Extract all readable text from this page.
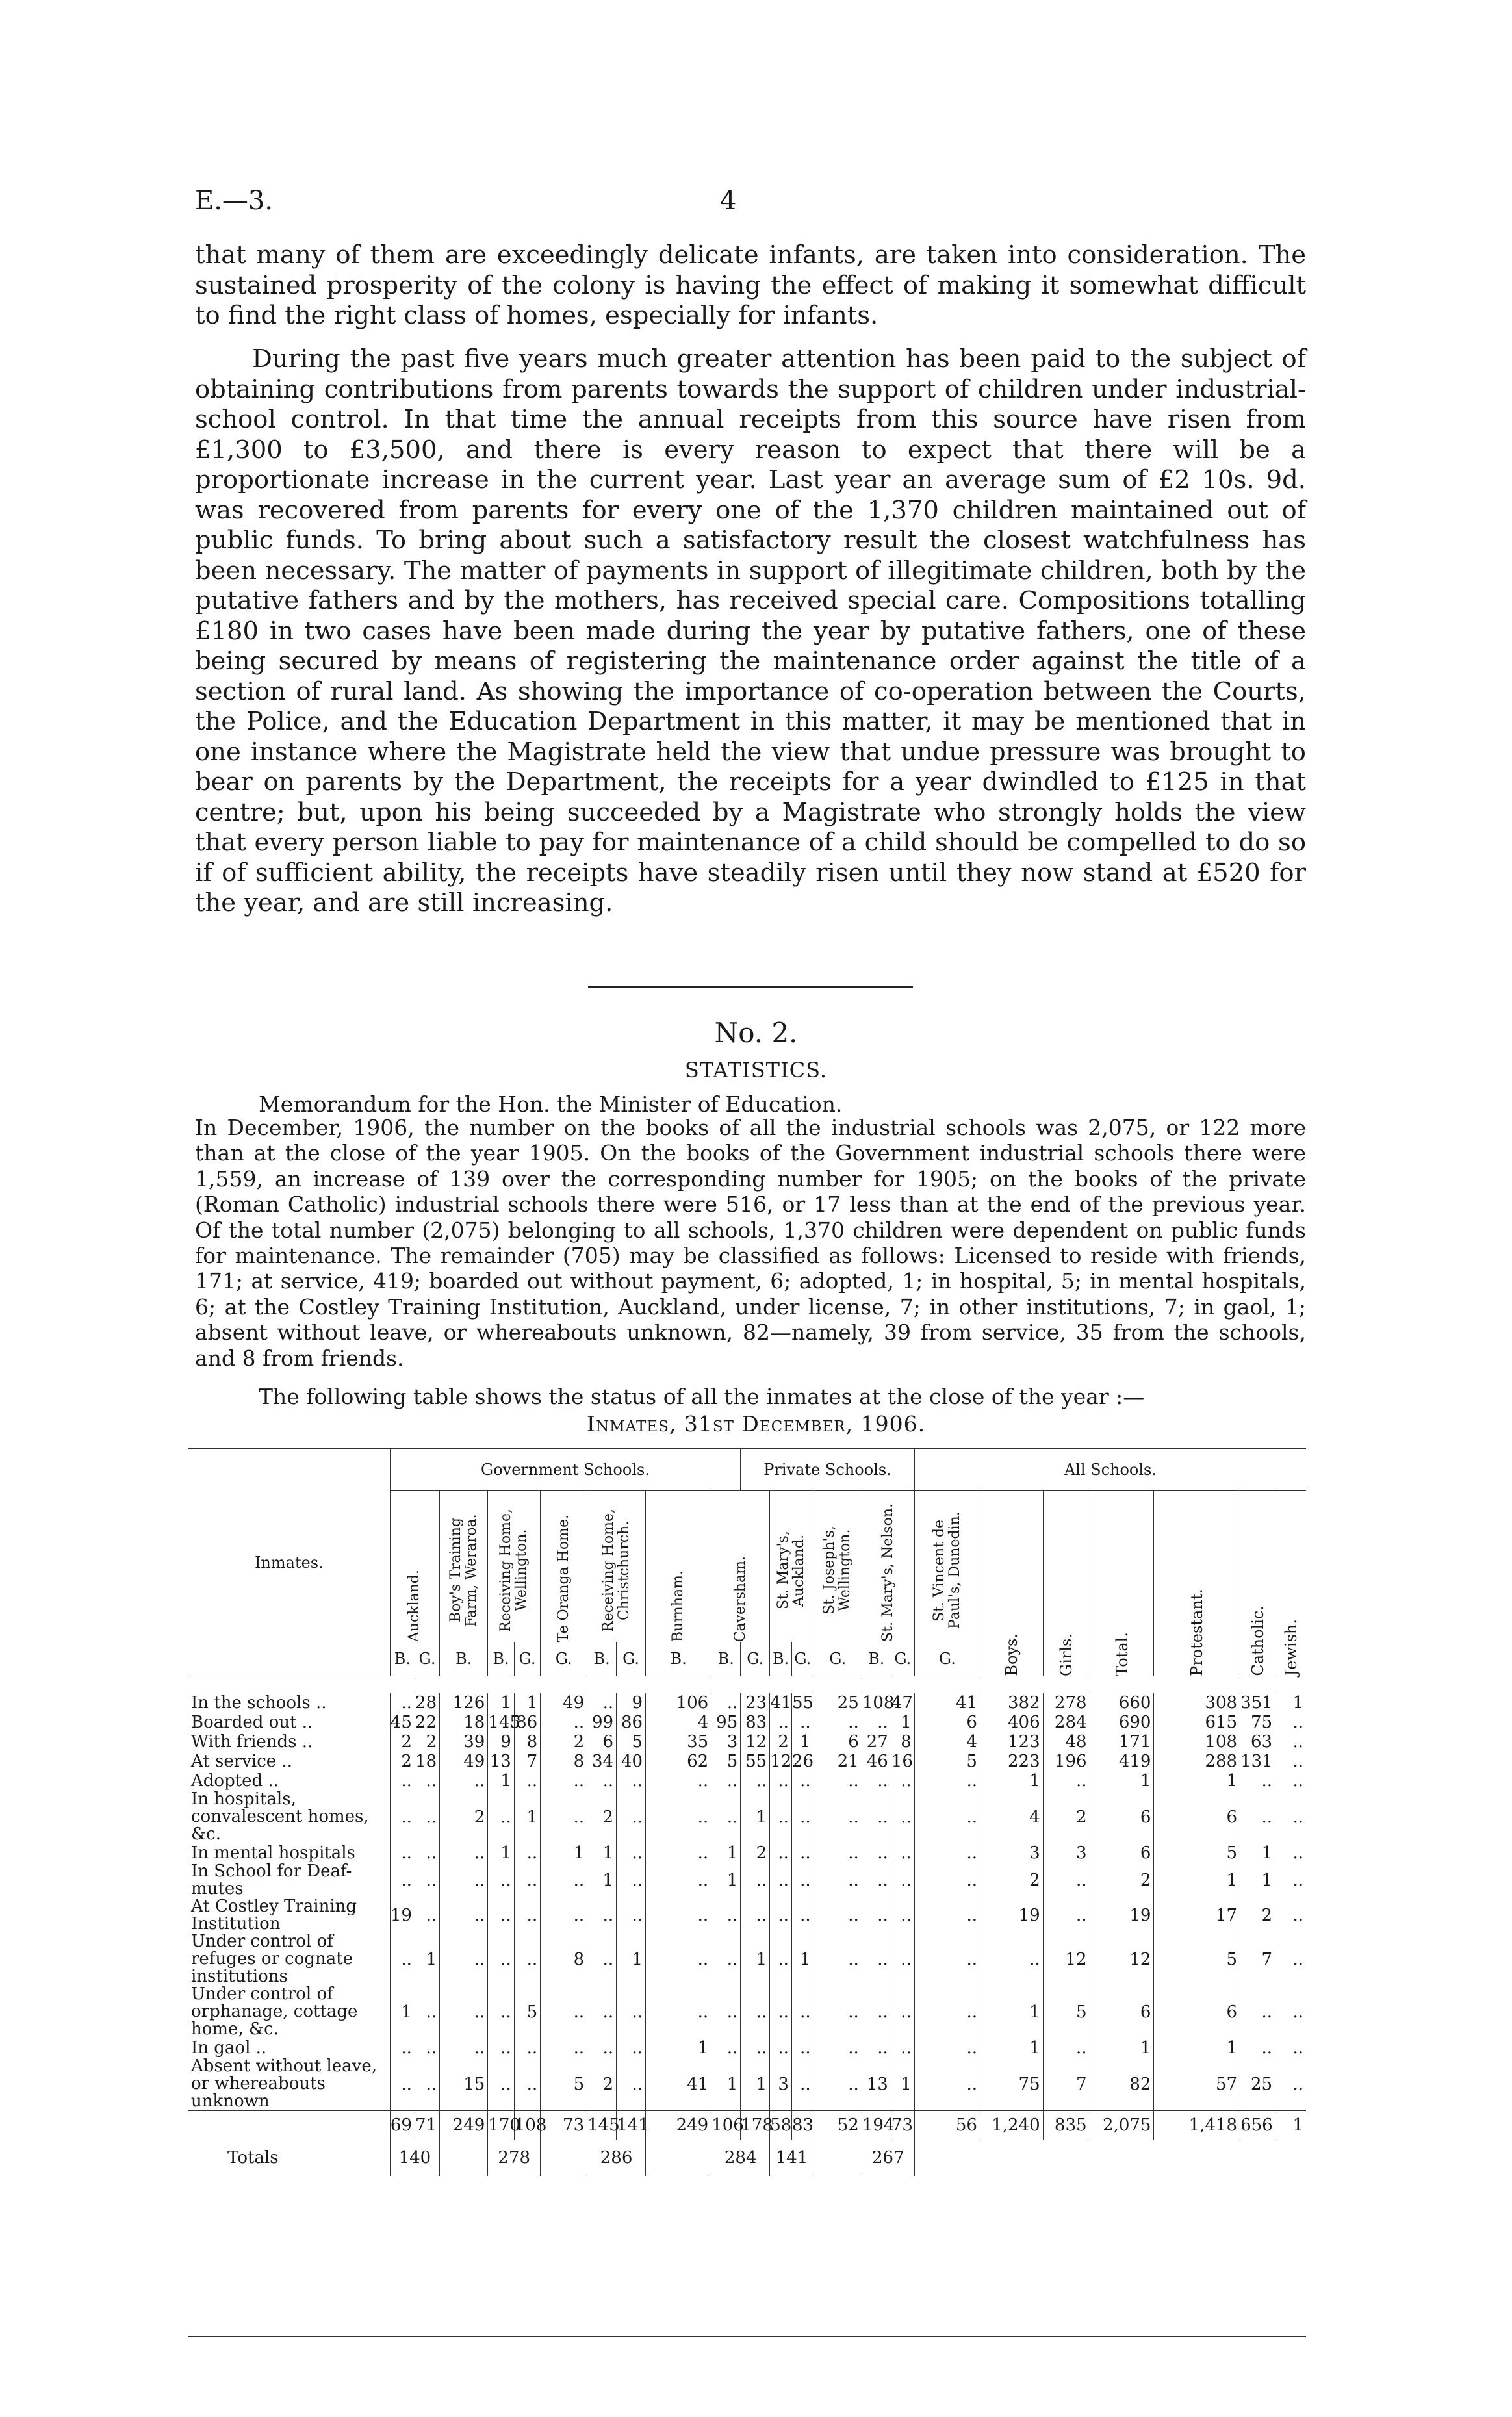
E.—3.	4

that many of them are exceedingly delicate infants, are taken into consideration. The sustained prosperity of the colony is having the effect of making it somewhat difficult to find the right class of homes, especially for infants.

During the past five years much greater attention has been paid to the subject of obtaining contributions from parents towards the support of children under industrial-school control. In that time the annual receipts from this source have risen from £1,300 to £3,500, and there is every reason to expect that there will be a proportionate increase in the current year. Last year an average sum of £2 10s. 9d. was recovered from parents for every one of the 1,370 children maintained out of public funds. To bring about such a satisfactory result the closest watchfulness has been necessary. The matter of payments in support of illegitimate children, both by the putative fathers and by the mothers, has received special care. Compositions totalling £180 in two cases have been made during the year by putative fathers, one of these being secured by means of registering the maintenance order against the title of a section of rural land. As showing the importance of co-operation between the Courts, the Police, and the Education Department in this matter, it may be mentioned that in one instance where the Magistrate held the view that undue pressure was brought to bear on parents by the Department, the receipts for a year dwindled to £125 in that centre; but, upon his being succeeded by a Magistrate who strongly holds the view that every person liable to pay for maintenance of a child should be compelled to do so if of sufficient ability, the receipts have steadily risen until they now stand at £520 for the year, and are still increasing.

No. 2.
STATISTICS.
Memorandum for the Hon. the Minister of Education.

In December, 1906, the number on the books of all the industrial schools was 2,075, or 122 more than at the close of the year 1905. On the books of the Government industrial schools there were 1,559, an increase of 139 over the corresponding number for 1905; on the books of the private (Roman Catholic) industrial schools there were 516, or 17 less than at the end of the previous year. Of the total number (2,075) belonging to all schools, 1,370 children were dependent on public funds for maintenance. The remainder (705) may be classified as follows: Licensed to reside with friends, 171; at service, 419; boarded out without payment, 6; adopted, 1; in hospital, 5; in mental hospitals, 6; at the Costley Training Institution, Auckland, under license, 7; in other institutions, 7; in gaol, 1; absent without leave, or whereabouts unknown, 82—namely, 39 from service, 35 from the schools, and 8 from friends.

The following table shows the status of all the inmates at the close of the year :—
Inmates, 31st December, 1906.
Inmates.	Government Schools.										Private Schools.						All Schools.						

	Auckland.		Boy's Training Farm, Weraroa.	Receiving Home, Wellington.		Te Oranga Home.	Receiving Home, Christchurch.		Burnham.	Caversham.		St. Mary's, Auckland.		St. Joseph's, Wellington.	St. Mary's, Nelson.		St. Vincent de Paul's, Dunedin.	Boys.	Girls.	Total.	Protestant.	Catholic.	Jewish.

	B.	G.	B.	B.	G.	G.	B.	G.	B.	B.	G.	B.	G.	G.	B.	G.	G.						

In the schools ..	..	28	126	1	1	49	..	9	106	..	23	41	55	25	108	47	41	382	278	660	308	351	1
Boarded out ..	45	22	18	145	86	..	99	86	4	95	83	..	..	..	..	1	6	406	284	690	615	75	..
With friends ..	2	2	39	9	8	2	6	5	35	3	12	2	1	6	27	8	4	123	48	171	108	63	..
At service ..	2	18	49	13	7	8	34	40	62	5	55	12	26	21	46	16	5	223	196	419	288	131	..
Adopted ..	..	..	..	1	..	..	..	..	..	..	..	..	..	..	..	..	..	1	..	1	1	..	..
In hospitals, convalescent homes, &c.	..	..	2	..	1	..	2	..	..	..	1	..	..	..	..	..	..	4	2	6	6	..	..
In mental hospitals	..	..	..	1	..	1	1	..	..	1	2	..	..	..	..	..	..	3	3	6	5	1	..
In School for Deaf-mutes	..	..	..	..	..	..	1	..	..	1	..	..	..	..	..	..	..	2	..	2	1	1	..
At Costley Training Institution	19	..	..	..	..	..	..	..	..	..	..	..	..	..	..	..	..	19	..	19	17	2	..
Under control of refuges or cognate institutions	..	1	..	..	..	8	..	1	..	..	1	..	1	..	..	..	..	..	12	12	5	7	..
Under control of orphanage, cottage home, &c.	1	..	..	..	5	..	..	..	..	..	..	..	..	..	..	..	..	1	5	6	6	..	..
In gaol ..	..	..	..	..	..	..	..	..	1	..	..	..	..	..	..	..	..	1	..	1	1	..	..
Absent without leave, or whereabouts unknown	..	..	15	..	..	5	2	..	41	1	1	3	..	..	13	1	..	75	7	82	57	25	..
	69	71	249	170	108	73	145	141	249	106	178	58	83	52	194	73	56	1,240	835	2,075	1,418	656	1
Totals	140			278			286			284		141			267								
